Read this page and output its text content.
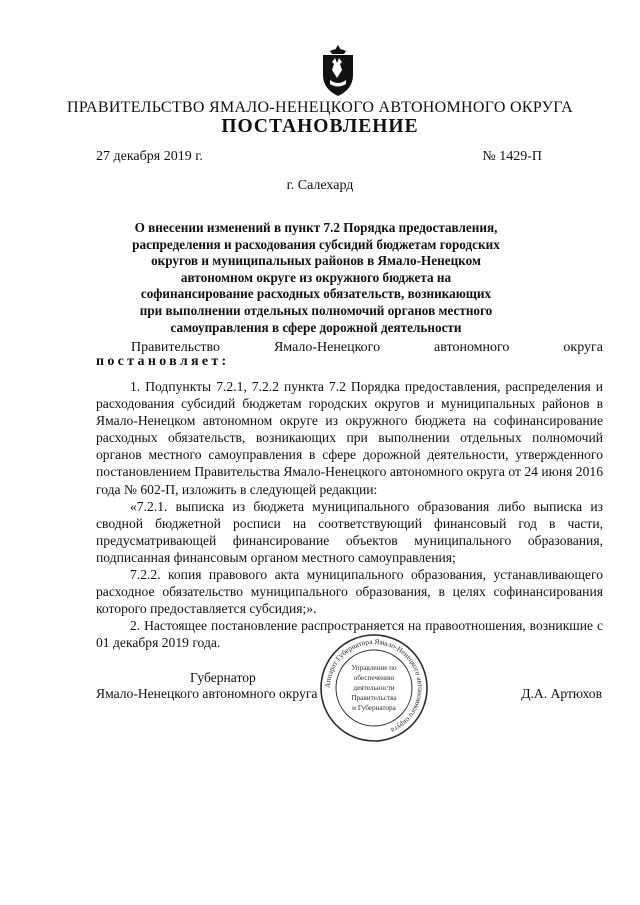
ПРАВИТЕЛЬСТВО ЯМАЛО-НЕНЕЦКОГО АВТОНОМНОГО ОКРУГА
ПОСТАНОВЛЕНИЕ
27 декабря 2019 г.	№ 1429-П
г. Салехард
О внесении изменений в пункт 7.2 Порядка предоставления, распределения и расходования субсидий бюджетам городских округов и муниципальных районов в Ямало-Ненецком автономном округе из окружного бюджета на софинансирование расходных обязательств, возникающих при выполнении отдельных полномочий органов местного самоуправления в сфере дорожной деятельности
Правительство	Ямало-Ненецкого	автономного	округа
постановляет:

1. Подпункты 7.2.1, 7.2.2 пункта 7.2 Порядка предоставления, распределения и расходования субсидий бюджетам городских округов и муниципальных районов в Ямало-Ненецком автономном округе из окружного бюджета на софинансирование расходных обязательств, возникающих при выполнении отдельных полномочий органов местного самоуправления в сфере дорожной деятельности, утвержденного постановлением Правительства Ямало-Ненецкого автономного округа от 24 июня 2016 года № 602-П, изложить в следующей редакции:

«7.2.1. выписка из бюджета муниципального образования либо выписка из сводной бюджетной росписи на соответствующий финансовый год в части, предусматривающей финансирование объектов муниципального образования, подписанная финансовым органом местного самоуправления;

7.2.2. копия правового акта муниципального образования, устанавливающего расходное обязательство муниципального образования, в целях софинансирования которого предоставляется субсидия;».

2. Настоящее постановление распространяется на правоотношения, возникшие с 01 декабря 2019 года.

Губернатор
Ямало-Ненецкого автономного округа	Д.А. Артюхов
Аппарат Губернатора Ямало-Ненецкого автономного округа
Управление по
обеспечению
деятельности
Правительства
и Губернатора
